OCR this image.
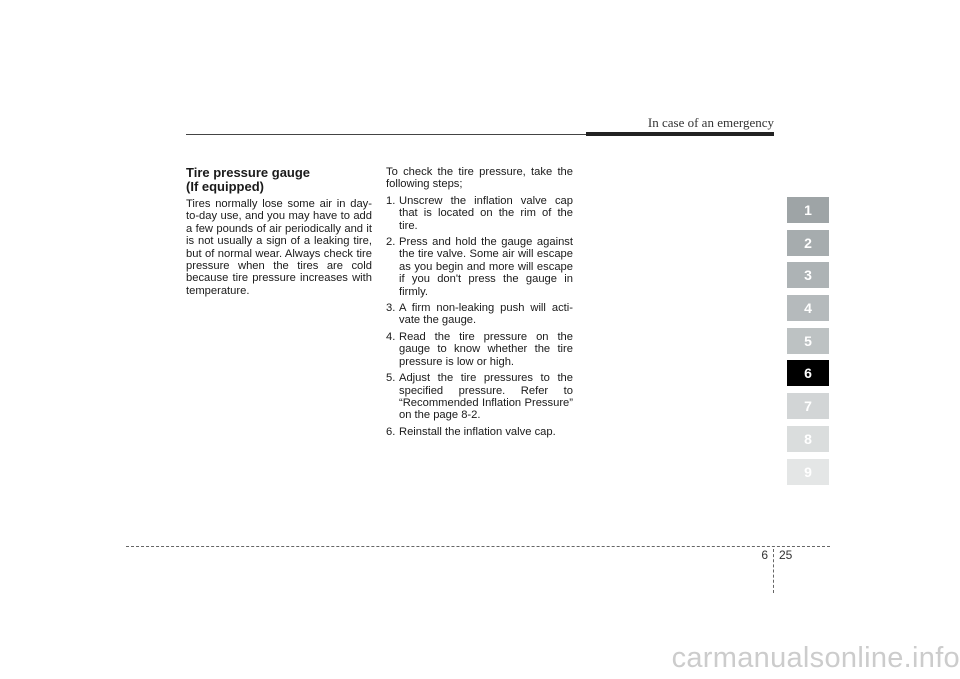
In case of an emergency
Tire pressure gauge
(If equipped)

Tires normally lose some air in day-to-day use, and you may have to add a few pounds of air periodically and it is not usually a sign of a leaking tire, but of normal wear. Always check tire pressure when the tires are cold because tire pressure increases with temperature.

To check the tire pressure, take the following steps;

1. Unscrew the inflation valve cap that is located on the rim of the tire.
2. Press and hold the gauge against the tire valve. Some air will escape as you begin and more will escape if you don't press the gauge in firmly.
3. A firm non-leaking push will acti-vate the gauge.
4. Read the tire pressure on the gauge to know whether the tire pressure is low or high.
5. Adjust the tire pressures to the specified pressure. Refer to “Recommended Inflation Pressure” on the page 8-2.
6. Reinstall the inflation valve cap.
1
2
3
4
5
6
7
8
9
6 25
carmanualsonline.info
